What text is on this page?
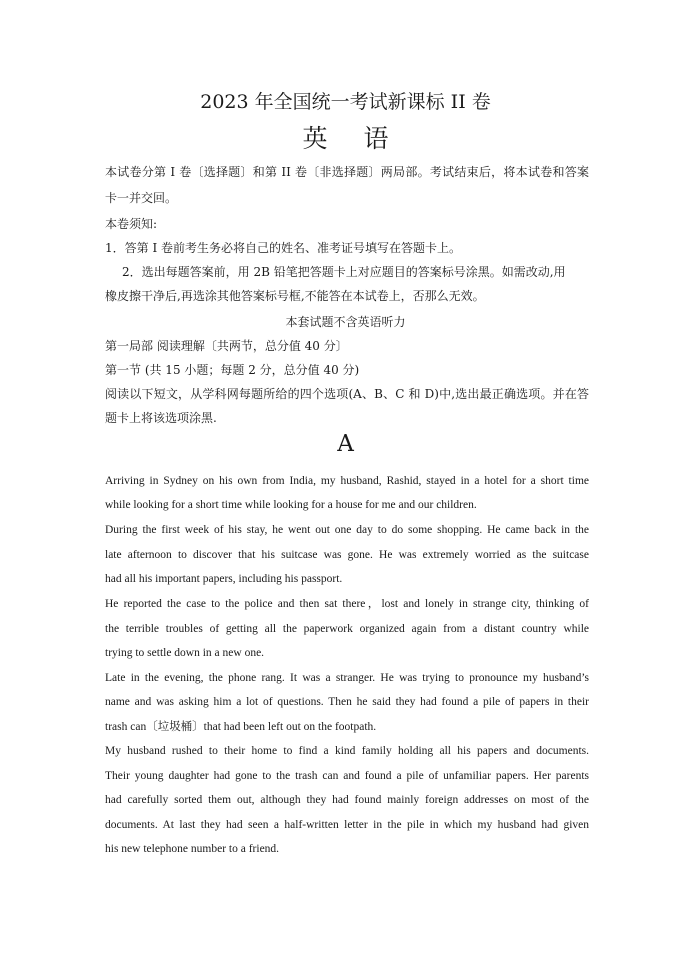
2023 年全国统一考试新课标 II 卷
英 语
本试卷分第 I 卷〔选择题〕和第 II 卷〔非选择题〕两局部。考试结束后，将本试卷和答案
卡一并交回。
本卷须知:
1．答第 I 卷前考生务必将自己的姓名、准考证号填写在答题卡上。
2．选出每题答案前，用 2B 铅笔把答题卡上对应题目的答案标号涂黑。如需改动,用
橡皮擦干净后,再选涂其他答案标号框,不能答在本试卷上，否那么无效。
本套试题不含英语听力
第一局部 阅读理解〔共两节，总分值 40 分〕
第一节 (共 15 小题；每题 2 分，总分值 40 分)
阅读以下短文，从学科网每题所给的四个选项(A、B、C 和 D)中,选出最正确选项。并在答
题卡上将该选项涂黑.
A
Arriving in Sydney on his own from India, my husband, Rashid, stayed in a hotel for a short time
while looking for a short time while looking for a house for me and our children.
During the first week of his stay, he went out one day to do some shopping. He came back in the
late afternoon to discover that his suitcase was gone. He was extremely worried as the suitcase
had all his important papers, including his passport.
He reported the case to the police and then sat there，lost and lonely in strange city, thinking of
the terrible troubles of getting all the paperwork organized again from a distant country while
trying to settle down in a new one.
Late in the evening, the phone rang. It was a stranger. He was trying to pronounce my husband’s
name and was asking him a lot of questions. Then he said they had found a pile of papers in their
trash can〔垃圾桶〕that had been left out on the footpath.
My husband rushed to their home to find a kind family holding all his papers and documents.
Their young daughter had gone to the trash can and found a pile of unfamiliar papers. Her parents
had carefully sorted them out, although they had found mainly foreign addresses on most of the
documents. At last they had seen a half-written letter in the pile in which my husband had given
his new telephone number to a friend.
